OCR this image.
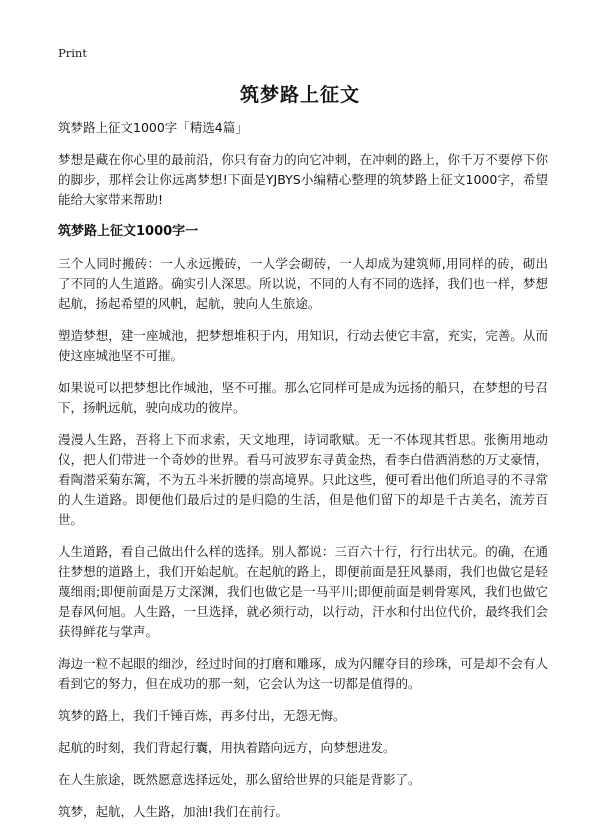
Print
筑梦路上征文
筑梦路上征文1000字「精选4篇」

梦想是藏在你心里的最前沿，你只有奋力的向它冲刺，在冲刺的路上，你千万不要停下你的脚步，那样会让你远离梦想!下面是YJBYS小编精心整理的筑梦路上征文1000字，希望能给大家带来帮助!

筑梦路上征文1000字一

三个人同时搬砖：一人永远搬砖，一人学会砌砖，一人却成为建筑师,用同样的砖，砌出了不同的人生道路。确实引人深思。所以说，不同的人有不同的选择，我们也一样，梦想起航，扬起希望的风帆，起航，驶向人生旅途。

塑造梦想，建一座城池，把梦想堆积于内，用知识，行动去使它丰富，充实，完善。从而使这座城池坚不可摧。

如果说可以把梦想比作城池，坚不可摧。那么它同样可是成为远扬的船只，在梦想的号召下，扬帆远航，驶向成功的彼岸。

漫漫人生路，吾将上下而求索，天文地理，诗词歌赋。无一不体现其哲思。张衡用地动仪，把人们带进一个奇妙的世界。看马可波罗东寻黄金热，看李白借酒消愁的万丈豪情，看陶潜采菊东篱，不为五斗米折腰的崇高境界。只此这些，便可看出他们所追寻的不寻常的人生道路。即便他们最后过的是归隐的生活，但是他们留下的却是千古美名，流芳百世。

人生道路，看自己做出什么样的选择。别人都说：三百六十行，行行出状元。的确，在通往梦想的道路上，我们开始起航。在起航的路上，即便前面是狂风暴雨，我们也做它是轻蔑细雨;即便前面是万丈深渊，我们也做它是一马平川;即便前面是刺骨寒风，我们也做它是春风何旭。人生路，一旦选择，就必须行动，以行动，汗水和付出位代价，最终我们会获得鲜花与掌声。

海边一粒不起眼的细沙，经过时间的打磨和雕琢，成为闪耀夺目的珍珠，可是却不会有人看到它的努力，但在成功的那一刻，它会认为这一切都是值得的。

筑梦的路上，我们千锤百炼，再多付出，无怨无悔。

起航的时刻，我们背起行囊，用执着踏向远方，向梦想进发。

在人生旅途，既然愿意选择远处，那么留给世界的只能是背影了。

筑梦，起航，人生路，加油!我们在前行。
